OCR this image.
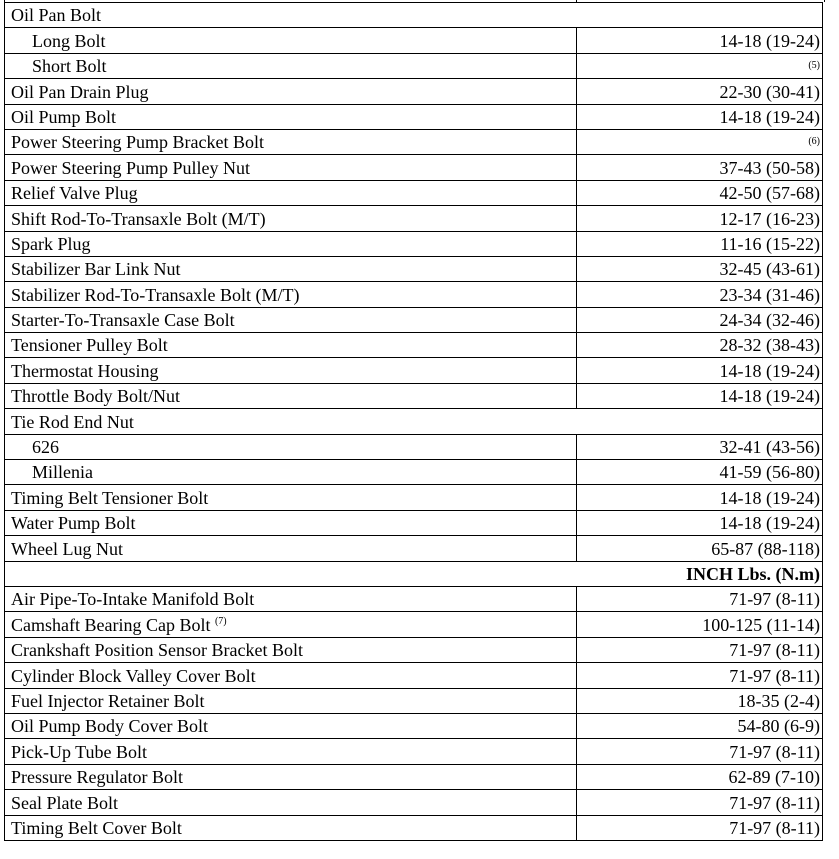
Oil Pan Bolt	
Long Bolt	14-18 (19-24)
Short Bolt	$^{(5)}$
Oil Pan Drain Plug	22-30 (30-41)
Oil Pump Bolt	14-18 (19-24)
Power Steering Pump Bracket Bolt	$^{(6)}$
Power Steering Pump Pulley Nut	37-43 (50-58)
Relief Valve Plug	42-50 (57-68)
Shift Rod-To-Transaxle Bolt (M/T)	12-17 (16-23)
Spark Plug	11-16 (15-22)
Stabilizer Bar Link Nut	32-45 (43-61)
Stabilizer Rod-To-Transaxle Bolt (M/T)	23-34 (31-46)
Starter-To-Transaxle Case Bolt	24-34 (32-46)
Tensioner Pulley Bolt	28-32 (38-43)
Thermostat Housing	14-18 (19-24)
Throttle Body Bolt/Nut	14-18 (19-24)
Tie Rod End Nut	
626	32-41 (43-56)
Millenia	41-59 (56-80)
Timing Belt Tensioner Bolt	14-18 (19-24)
Water Pump Bolt	14-18 (19-24)
Wheel Lug Nut	65-87 (88-118)
INCH Lbs. (N.m)	
Air Pipe-To-Intake Manifold Bolt	71-97 (8-11)
Camshaft Bearing Cap Bolt $^{(7)}$	100-125 (11-14)
Crankshaft Position Sensor Bracket Bolt	71-97 (8-11)
Cylinder Block Valley Cover Bolt	71-97 (8-11)
Fuel Injector Retainer Bolt	18-35 (2-4)
Oil Pump Body Cover Bolt	54-80 (6-9)
Pick-Up Tube Bolt	71-97 (8-11)
Pressure Regulator Bolt	62-89 (7-10)
Seal Plate Bolt	71-97 (8-11)
Timing Belt Cover Bolt	71-97 (8-11)
